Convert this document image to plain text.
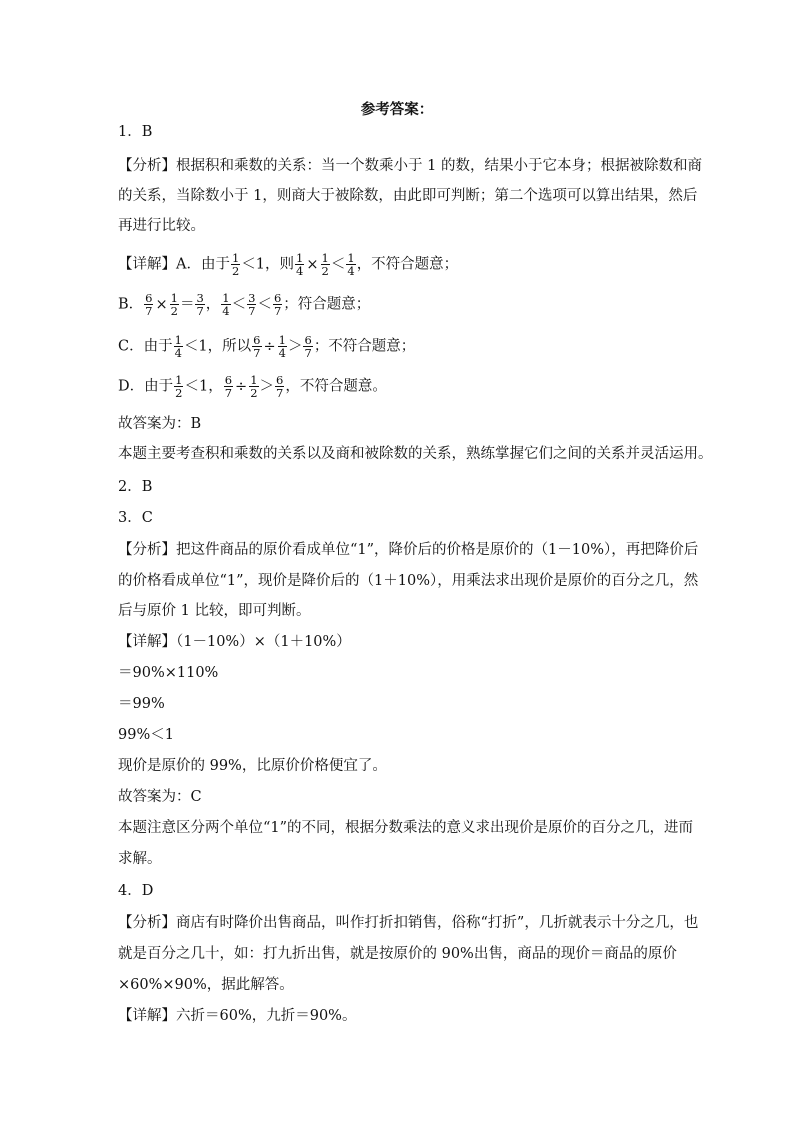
参考答案：
1．B
【分析】根据积和乘数的关系：当一个数乘小于 1 的数，结果小于它本身；根据被除数和商
的关系，当除数小于 1，则商大于被除数，由此即可判断；第二个选项可以算出结果，然后
再进行比较。
【详解】A．由于 $\frac{1}{2} <1$，则 $\frac{1}{4} \times \frac{1}{2} < \frac{1}{4}$ ，不符合题意；
B． $\frac{6}{7} \times \frac{1}{2} = \frac{3}{7}$ ， $\frac{1}{4} < \frac{3}{7} < \frac{6}{7}$ ；符合题意；
C．由于 $\frac{1}{4} <1$，所以 $\frac{6}{7} \div \frac{1}{4} > \frac{6}{7}$ ；不符合题意；
D．由于 $\frac{1}{2} <1$， $\frac{6}{7} \div \frac{1}{2} > \frac{6}{7}$ ，不符合题意。
故答案为：B
本题主要考查积和乘数的关系以及商和被除数的关系，熟练掌握它们之间的关系并灵活运用。
2．B
3．C
【分析】把这件商品的原价看成单位“1”，降价后的价格是原价的（1－10%），再把降价后
的价格看成单位“1”，现价是降价后的（1＋10%），用乘法求出现价是原价的百分之几，然
后与原价 1 比较，即可判断。
【详解】（1－10%）×（1＋10%）
＝90%×110%
＝99%
99%＜1
现价是原价的 99%，比原价价格便宜了。
故答案为：C
本题注意区分两个单位“1”的不同，根据分数乘法的意义求出现价是原价的百分之几，进而
求解。
4．D
【分析】商店有时降价出售商品，叫作打折扣销售，俗称“打折”，几折就表示十分之几，也
就是百分之几十，如：打九折出售，就是按原价的 90%出售，商品的现价＝商品的原价
×60%×90%，据此解答。
【详解】六折＝60%，九折＝90%。
